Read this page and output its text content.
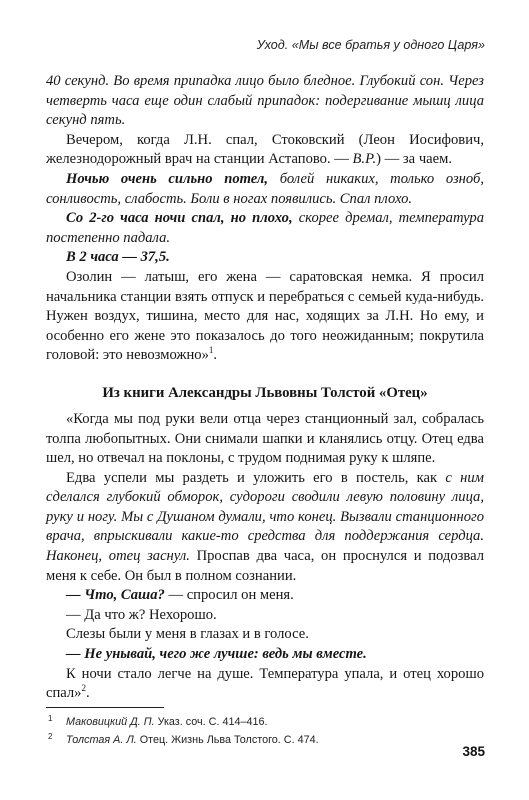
Уход. «Мы все братья у одного Царя»

40 секунд. Во время припадка лицо было бледное. Глубокий сон. Через четверть часа еще один слабый припадок: подергивание мышц лица секунд пять.

Вечером, когда Л.Н. спал, Стоковский (Леон Иосифович, железнодорожный врач на станции Астапово. — В.Р.) — за чаем.

Ночью очень сильно потел, болей никаких, только озноб, сонливость, слабость. Боли в ногах появились. Спал плохо.

Со 2-го часа ночи спал, но плохо, скорее дремал, температура постепенно падала.

В 2 часа — 37,5.

Озолин — латыш, его жена — саратовская немка. Я просил начальника станции взять отпуск и перебраться с семьей куда-нибудь. Нужен воздух, тишина, место для нас, ходящих за Л.Н. Но ему, и особенно его жене это показалось до того неожиданным; покрутила головой: это невозможно»$^1$.

Из книги Александры Львовны Толстой «Отец»

«Когда мы под руки вели отца через станционный зал, собралась толпа любопытных. Они снимали шапки и кланялись отцу. Отец едва шел, но отвечал на поклоны, с трудом поднимая руку к шляпе.

Едва успели мы раздеть и уложить его в постель, как с ним сделался глубокий обморок, судороги сводили левую половину лица, руку и ногу. Мы с Душаном думали, что конец. Вызвали станционного врача, впрыскивали какие-то средства для поддержания сердца. Наконец, отец заснул. Проспав два часа, он проснулся и подозвал меня к себе. Он был в полном сознании.

— Что, Саша? — спросил он меня.

— Да что ж? Нехорошо.

Слезы были у меня в глазах и в голосе.

— Не унывай, чего же лучше: ведь мы вместе.

К ночи стало легче на душе. Температура упала, и отец хорошо спал»$^2$.

1 Маковицкий Д. П. Указ. соч. С. 414–416.

2 Толстая А. Л. Отец. Жизнь Льва Толстого. С. 474.

385
